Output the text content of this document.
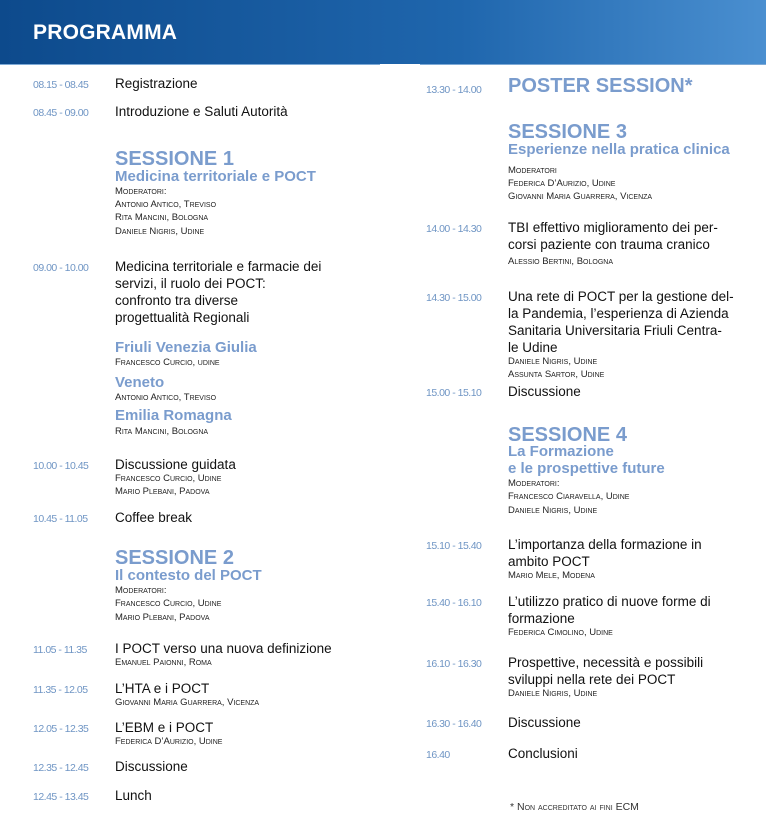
PROGRAMMA
08.15 - 08.45 Registrazione
08.45 - 09.00 Introduzione e Saluti Autorità
SESSIONE 1
Medicina territoriale e POCT
Moderatori:
Antonio Antico, Treviso
Rita Mancini, Bologna
Daniele Nigris, Udine
09.00 - 10.00 Medicina territoriale e farmacie dei
servizi, il ruolo dei POCT:
confronto tra diverse
progettualità Regionali
Friuli Venezia Giulia
Francesco Curcio, udine
Veneto
Antonio Antico, Treviso
Emilia Romagna
Rita Mancini, Bologna
10.00 - 10.45 Discussione guidata
Francesco Curcio, Udine
Mario Plebani, Padova
10.45 - 11.05 Coffee break
SESSIONE 2
Il contesto del POCT
Moderatori:
Francesco Curcio, Udine
Mario Plebani, Padova
11.05 - 11.35 I POCT verso una nuova definizione
Emanuel Paionni, Roma
11.35 - 12.05 L’HTA e i POCT
Giovanni Maria Guarrera, Vicenza
12.05 - 12.35 L’EBM e i POCT
Federica D’Aurizio, Udine
12.35 - 12.45 Discussione
12.45 - 13.45 Lunch
13.30 - 14.00 POSTER SESSION*
SESSIONE 3
Esperienze nella pratica clinica
Moderatori
Federica D’Aurizio, Udine
Giovanni Maria Guarrera, Vicenza
14.00 - 14.30 TBI effettivo miglioramento dei per-
corsi paziente con trauma cranico
Alessio Bertini, Bologna
14.30 - 15.00 Una rete di POCT per la gestione del-
la Pandemia, l’esperienza di Azienda
Sanitaria Universitaria Friuli Centra-
le Udine
Daniele Nigris, Udine
Assunta Sartor, Udine
15.00 - 15.10 Discussione
SESSIONE 4
La Formazione
e le prospettive future
Moderatori:
Francesco Ciaravella, Udine
Daniele Nigris, Udine
15.10 - 15.40 L’importanza della formazione in
ambito POCT
Mario Mele, Modena
15.40 - 16.10 L’utilizzo pratico di nuove forme di
formazione
Federica Cimolino, Udine
16.10 - 16.30 Prospettive, necessità e possibili
sviluppi nella rete dei POCT
Daniele Nigris, Udine
16.30 - 16.40 Discussione
16.40	Conclusioni
* Non accreditato ai fini ECM
